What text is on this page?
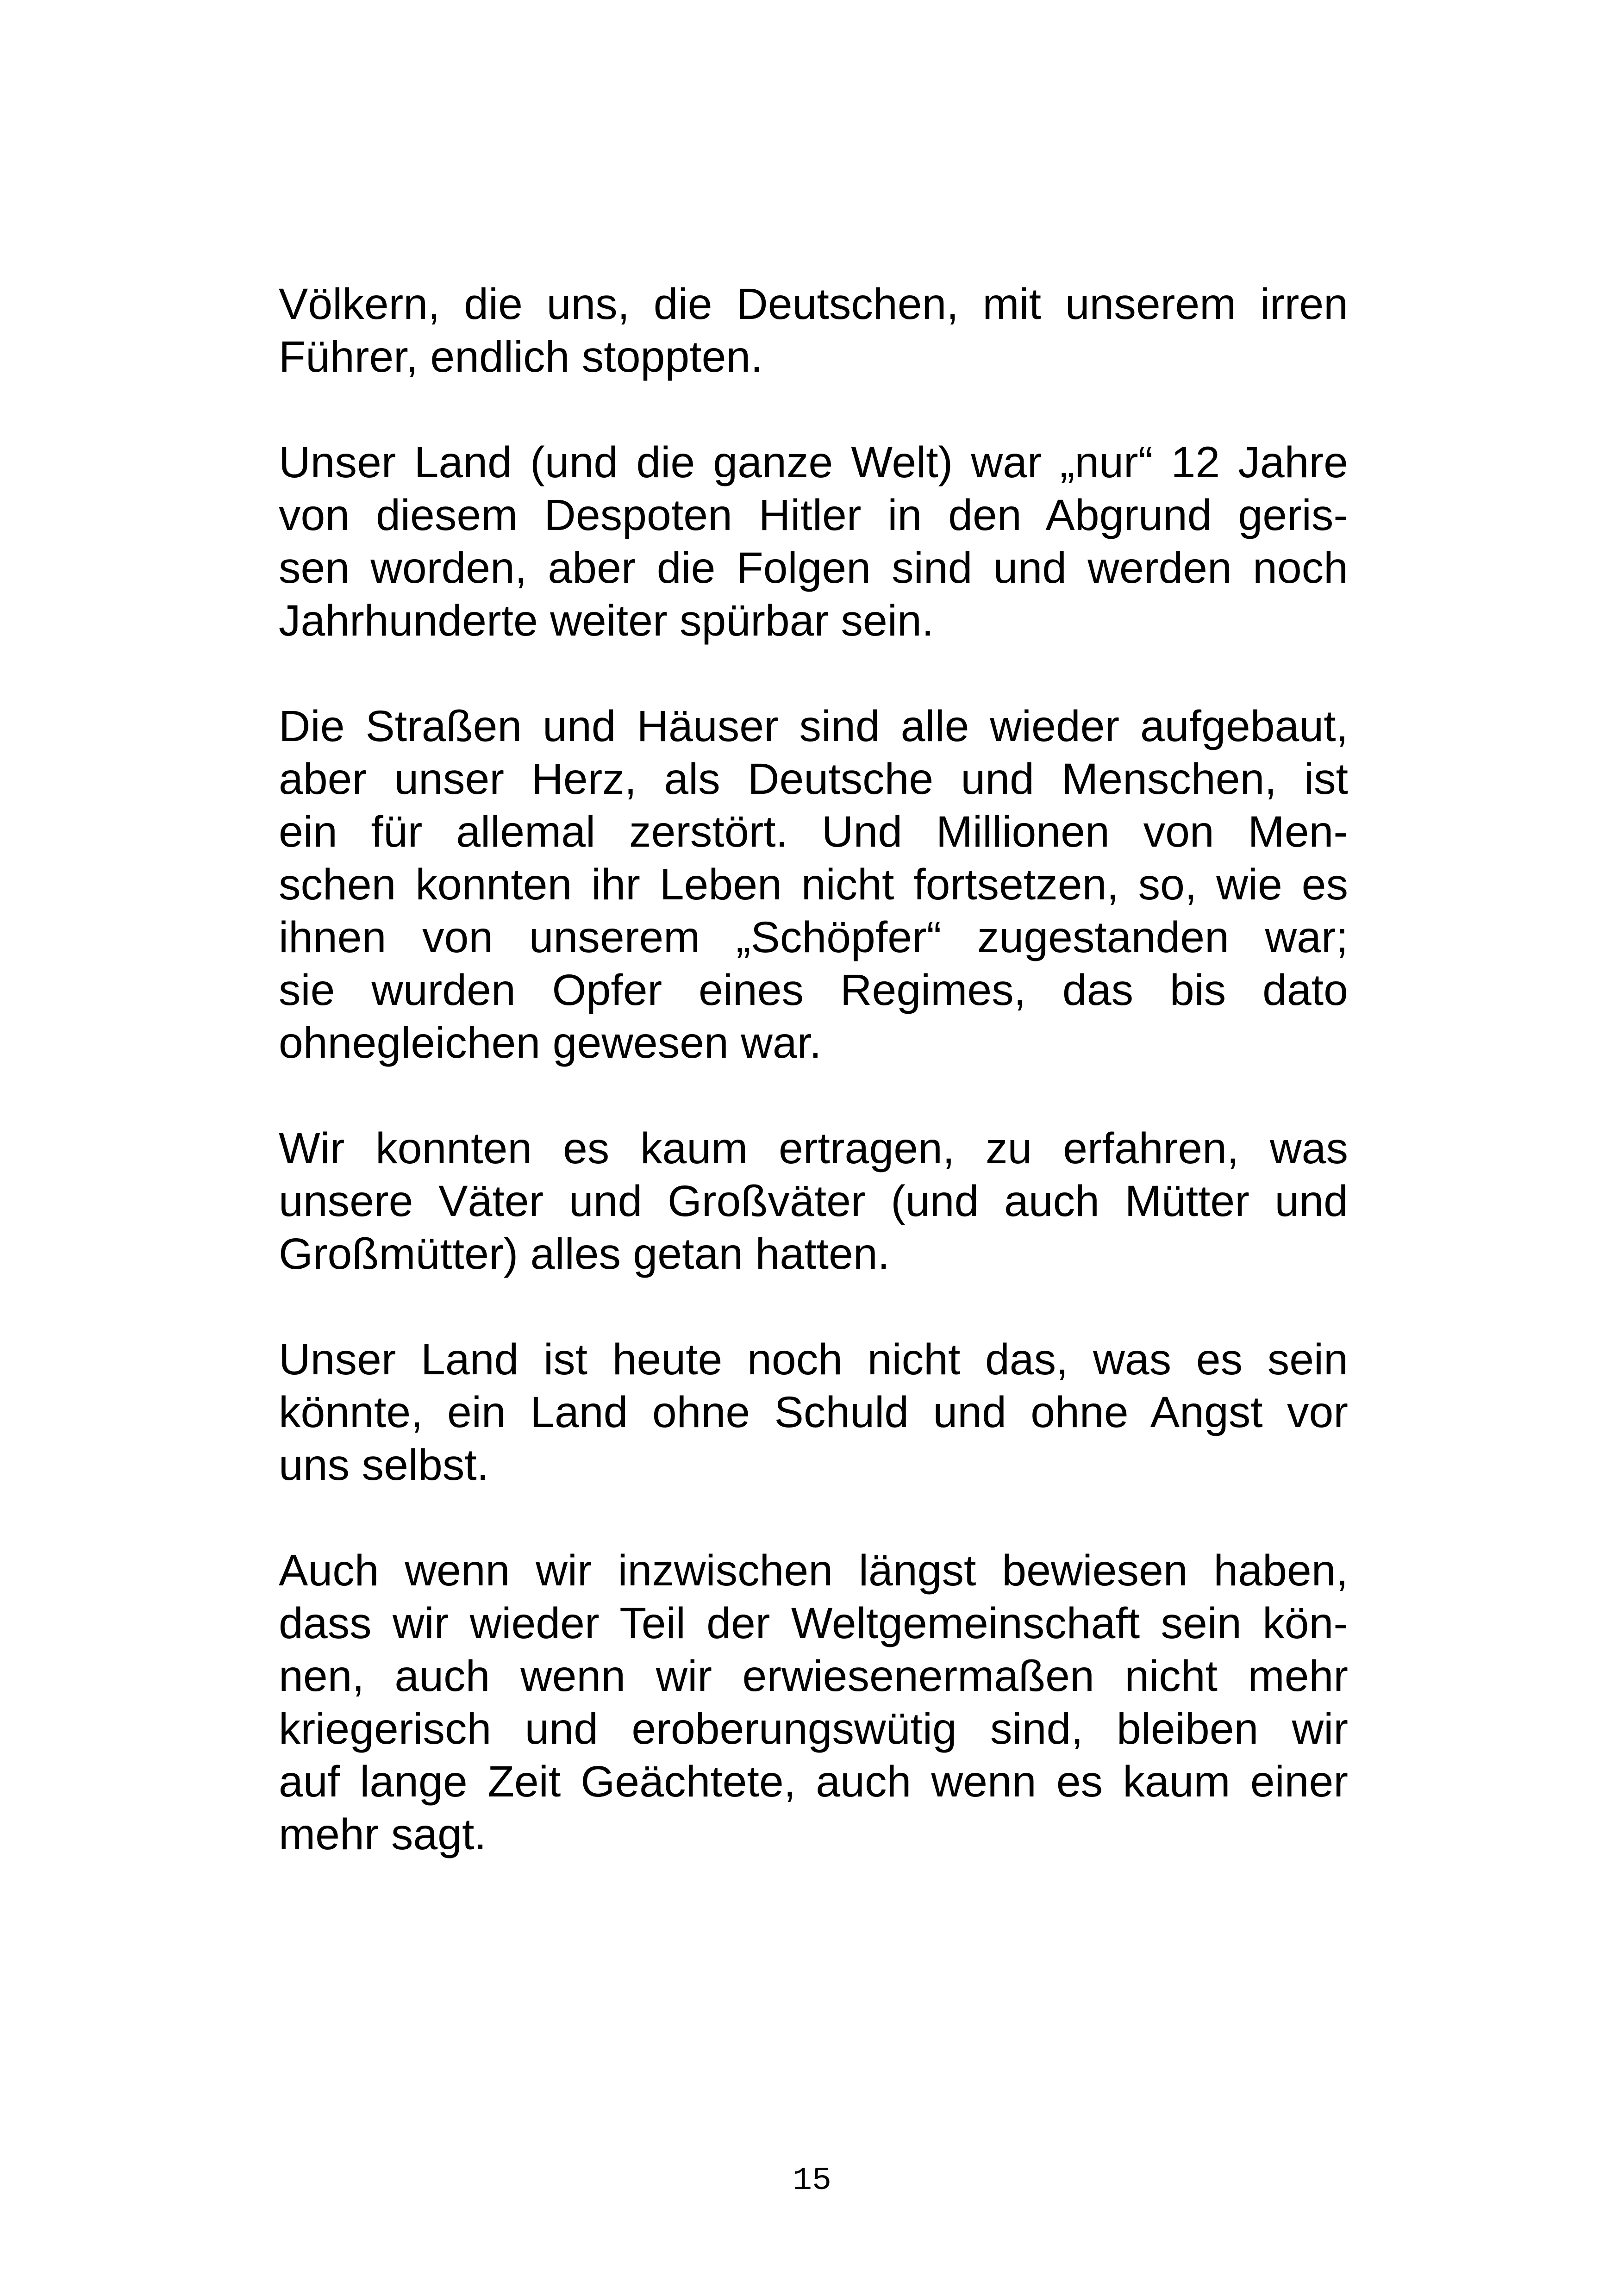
Völkern, die uns, die Deutschen, mit unserem irren
Führer, endlich stoppten.

Unser Land (und die ganze Welt) war „nur“ 12 Jahre
von diesem Despoten Hitler in den Abgrund geris-
sen worden, aber die Folgen sind und werden noch
Jahrhunderte weiter spürbar sein.

Die Straßen und Häuser sind alle wieder aufgebaut,
aber unser Herz, als Deutsche und Menschen, ist
ein für allemal zerstört. Und Millionen von Men-
schen konnten ihr Leben nicht fortsetzen, so, wie es
ihnen von unserem „Schöpfer“ zugestanden war;
sie wurden Opfer eines Regimes, das bis dato
ohnegleichen gewesen war.

Wir konnten es kaum ertragen, zu erfahren, was
unsere Väter und Großväter (und auch Mütter und
Großmütter) alles getan hatten.

Unser Land ist heute noch nicht das, was es sein
könnte, ein Land ohne Schuld und ohne Angst vor
uns selbst.

Auch wenn wir inzwischen längst bewiesen haben,
dass wir wieder Teil der Weltgemeinschaft sein kön-
nen, auch wenn wir erwiesenermaßen nicht mehr
kriegerisch und eroberungswütig sind, bleiben wir
auf lange Zeit Geächtete, auch wenn es kaum einer
mehr sagt.

15
